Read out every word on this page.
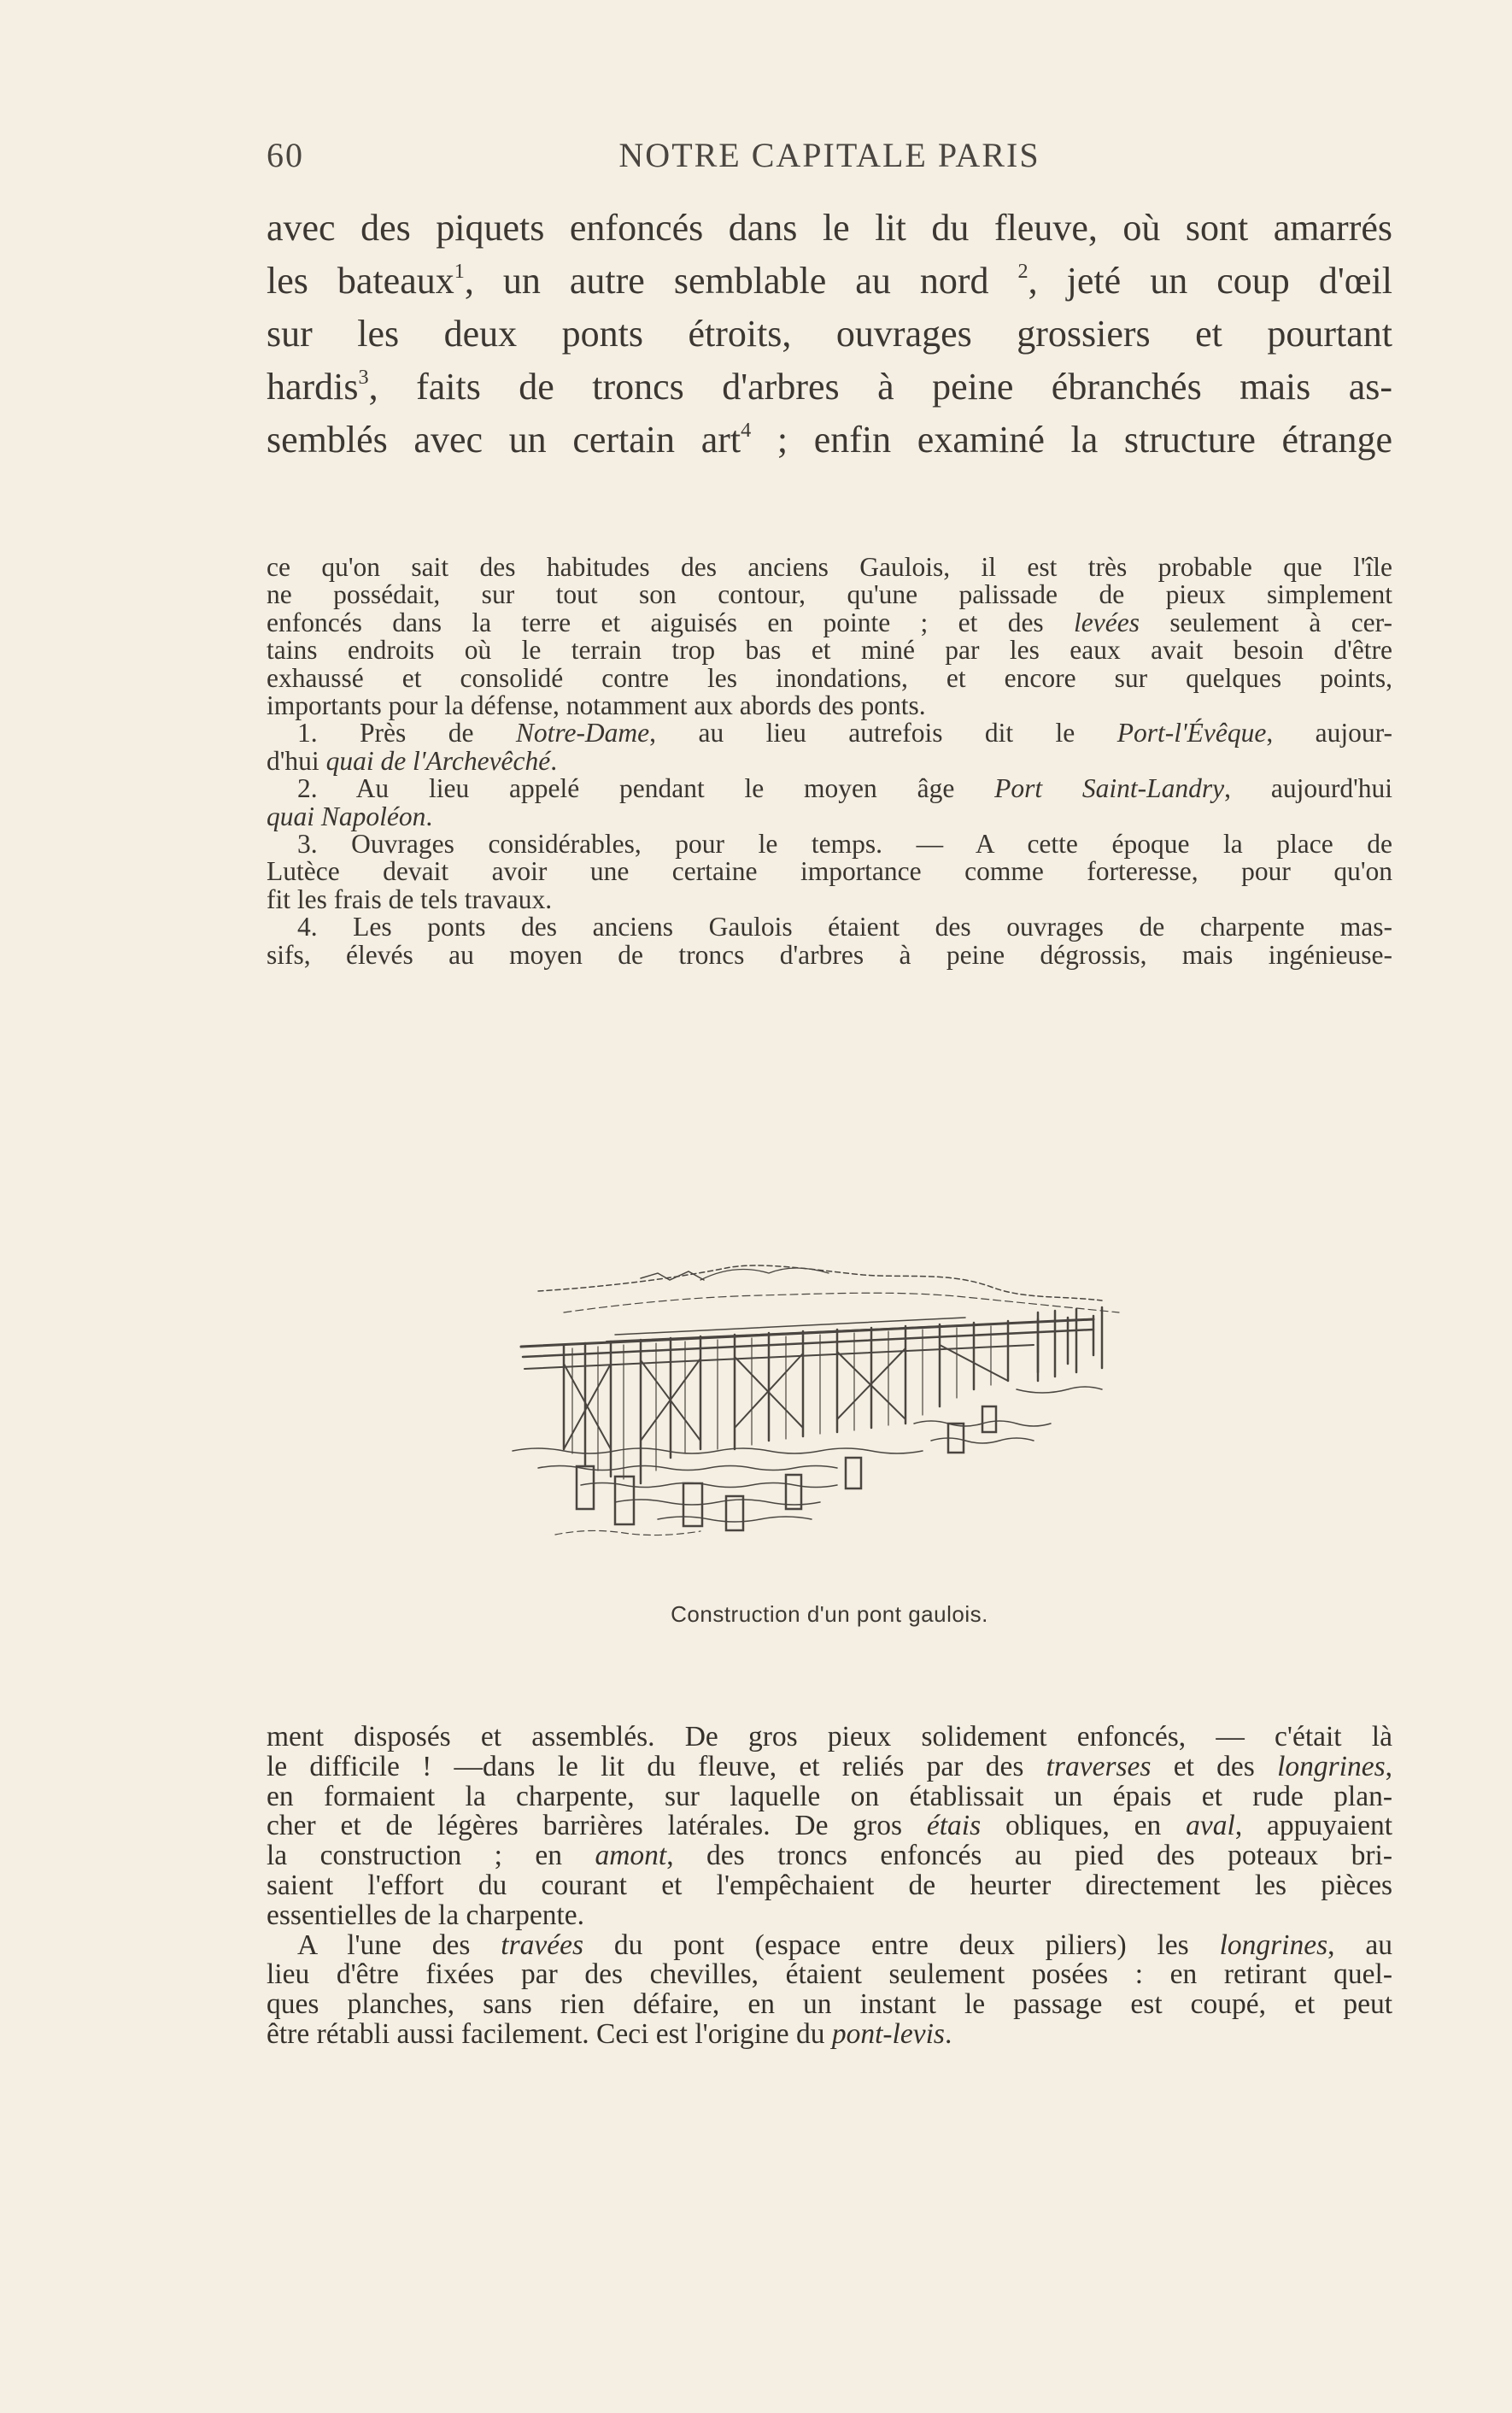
60	NOTRE CAPITALE PARIS
avec des piquets enfoncés dans le lit du fleuve, où sont amarrés
les bateaux$^1$, un autre semblable au nord $^2$, jeté un coup d'œil
sur les deux ponts étroits, ouvrages grossiers et pourtant
hardis$^3$, faits de troncs d'arbres à peine ébranchés mais as-
semblés avec un certain art$^4$ ; enfin examiné la structure étrange
ce qu'on sait des habitudes des anciens Gaulois, il est très probable que l'île
ne possédait, sur tout son contour, qu'une palissade de pieux simplement
enfoncés dans la terre et aiguisés en pointe ; et des levées seulement à cer-
tains endroits où le terrain trop bas et miné par les eaux avait besoin d'être
exhaussé et consolidé contre les inondations, et encore sur quelques points,
importants pour la défense, notamment aux abords des ponts.
1. Près de Notre-Dame, au lieu autrefois dit le Port-l'Évêque, aujour-
d'hui quai de l'Archevêché.
2. Au lieu appelé pendant le moyen âge Port Saint-Landry, aujourd'hui
quai Napoléon.
3. Ouvrages considérables, pour le temps. — A cette époque la place de
Lutèce devait avoir une certaine importance comme forteresse, pour qu'on
fit les frais de tels travaux.
4. Les ponts des anciens Gaulois étaient des ouvrages de charpente mas-
sifs, élevés au moyen de troncs d'arbres à peine dégrossis, mais ingénieuse-
Construction d'un pont gaulois.
ment disposés et assemblés. De gros pieux solidement enfoncés, — c'était là
le difficile ! —dans le lit du fleuve, et reliés par des traverses et des longrines,
en formaient la charpente, sur laquelle on établissait un épais et rude plan-
cher et de légères barrières latérales. De gros étais obliques, en aval, appuyaient
la construction ; en amont, des troncs enfoncés au pied des poteaux bri-
saient l'effort du courant et l'empêchaient de heurter directement les pièces
essentielles de la charpente.
A l'une des travées du pont (espace entre deux piliers) les longrines, au
lieu d'être fixées par des chevilles, étaient seulement posées : en retirant quel-
ques planches, sans rien défaire, en un instant le passage est coupé, et peut
être rétabli aussi facilement. Ceci est l'origine du pont-levis.
